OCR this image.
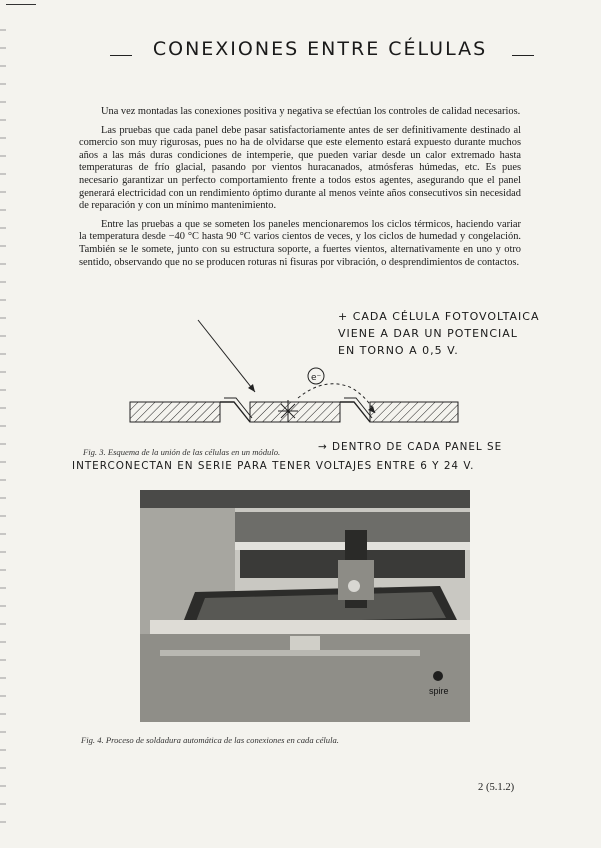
CONEXIONES ENTRE CÉLULAS

Una vez montadas las conexiones positiva y negativa se efectúan los controles de calidad necesarios.

Las pruebas que cada panel debe pasar satisfactoriamente antes de ser definitivamente destinado al comercio son muy rigurosas, pues no ha de olvidarse que este elemento estará expuesto durante muchos años a las más duras condiciones de intemperie, que pueden variar desde un calor extremado hasta temperaturas de frío glacial, pasando por vientos huracanados, atmósferas húmedas, etc. Es pues necesario garantizar un perfecto comportamiento frente a todos estos agentes, asegurando que el panel generará electricidad con un rendimiento óptimo durante al menos veinte años consecutivos sin necesidad de reparación y con un mínimo mantenimiento.

Entre las pruebas a que se someten los paneles mencionaremos los ciclos térmicos, haciendo variar la temperatura desde −40 °C hasta 90 °C varios cientos de veces, y los ciclos de humedad y congelación. También se le somete, junto con su estructura soporte, a fuertes vientos, alternativamente en uno y otro sentido, observando que no se producen roturas ni fisuras por vibración, o desprendimientos de contactos.

+ CADA CÉLULA FOTOVOLTAICA
VIENE A DAR UN POTENCIAL
EN TORNO A 0,5 V.
e⁻
Fig. 3. Esquema de la unión de las células en un módulo.	→ DENTRO DE CADA PANEL SE
INTERCONECTAN EN SERIE PARA TENER VOLTAJES ENTRE 6 Y 24 V.
spire
Fig. 4. Proceso de soldadura automática de las conexiones en cada célula.
2 (5.1.2)
